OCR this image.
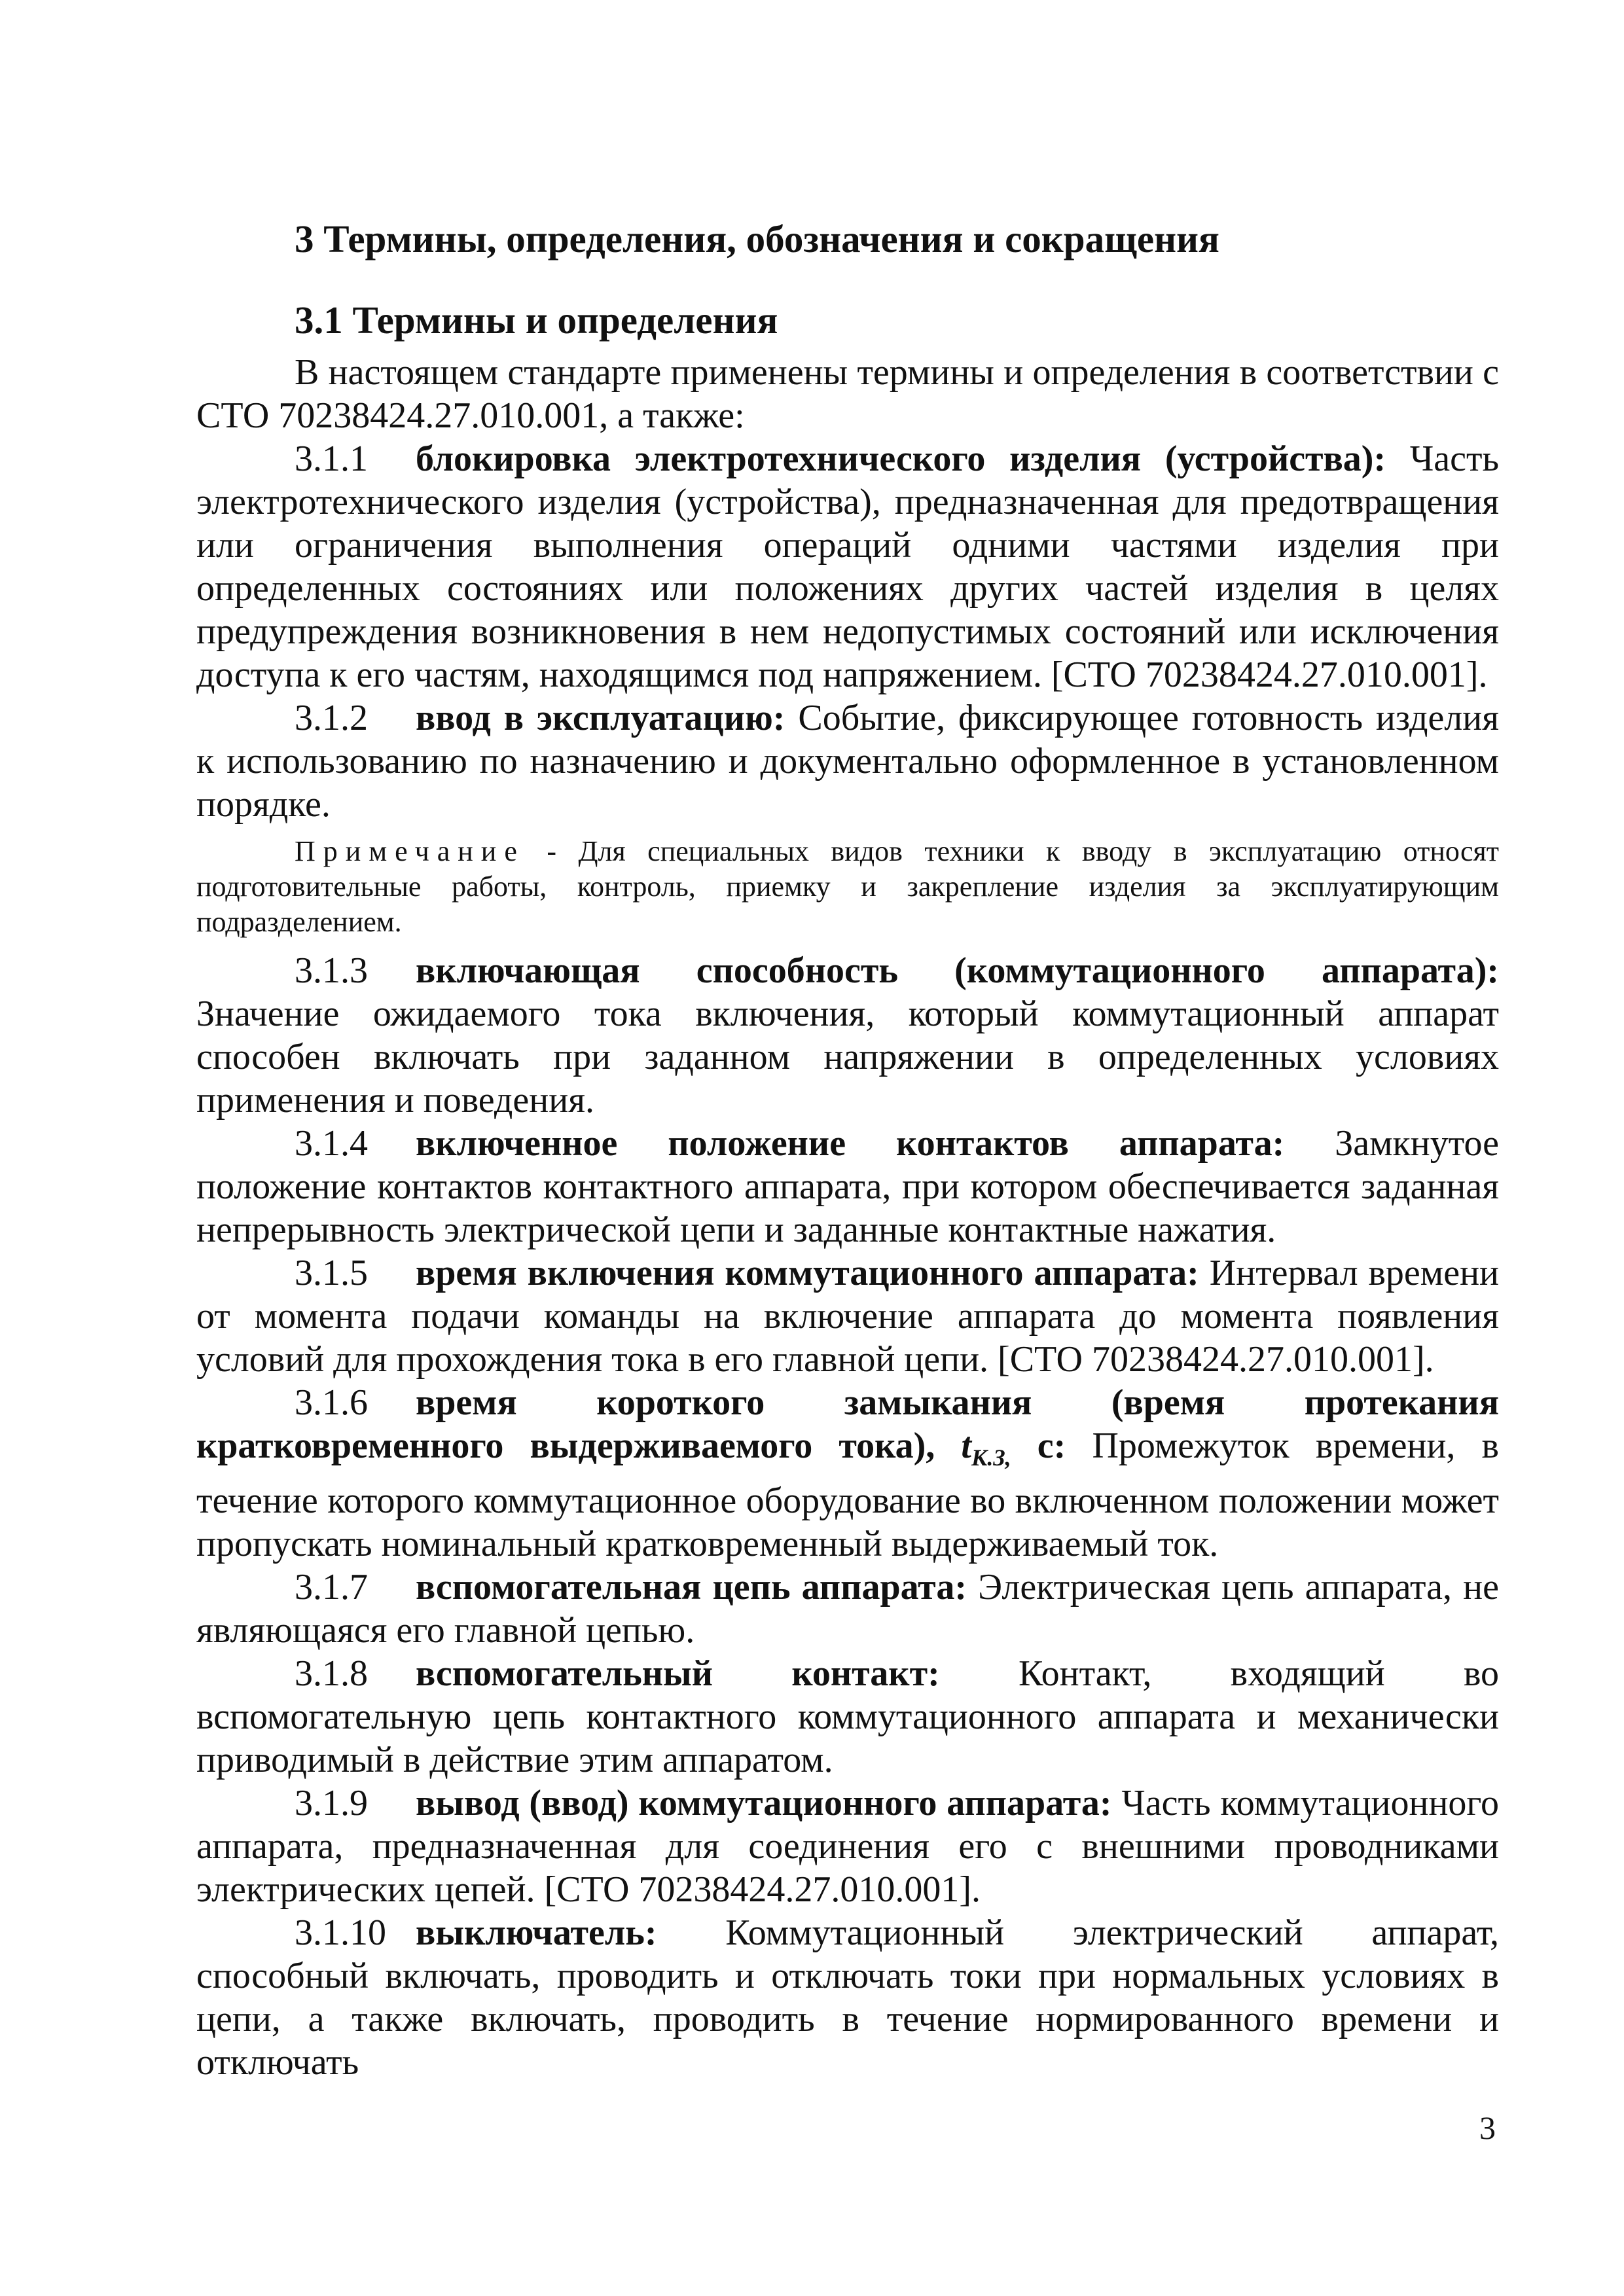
3 Термины, определения, обозначения и сокращения
3.1 Термины и определения

В настоящем стандарте применены термины и определения в соответствии с СТО 70238424.27.010.001, а также:

3.1.1 блокировка электротехнического изделия (устройства): Часть электротехнического изделия (устройства), предназначенная для предотвращения или ограничения выполнения операций одними частями изделия при определенных состояниях или положениях других частей изделия в целях предупреждения возникновения в нем недопустимых состояний или исключения доступа к его частям, находящимся под напряжением. [СТО 70238424.27.010.001].

3.1.2 ввод в эксплуатацию: Событие, фиксирующее готовность изделия к использованию по назначению и документально оформленное в установленном порядке.

Примечание - Для специальных видов техники к вводу в эксплуатацию относят подготовительные работы, контроль, приемку и закрепление изделия за эксплуатирующим подразделением.

3.1.3 включающая способность (коммутационного аппарата): Значение ожидаемого тока включения, который коммутационный аппарат способен включать при заданном напряжении в определенных условиях применения и поведения.

3.1.4 включенное положение контактов аппарата: Замкнутое положение контактов контактного аппарата, при котором обеспечивается заданная непрерывность электрической цепи и заданные контактные нажатия.

3.1.5 время включения коммутационного аппарата: Интервал времени от момента подачи команды на включение аппарата до момента появления условий для прохождения тока в его главной цепи. [СТО 70238424.27.010.001].

3.1.6 время короткого замыкания (время протекания кратковременного выдерживаемого тока), $t_{К.З,}$ с: Промежуток времени, в течение которого коммутационное оборудование во включенном положении может пропускать номинальный кратковременный выдерживаемый ток.

3.1.7 вспомогательная цепь аппарата: Электрическая цепь аппарата, не являющаяся его главной цепью.

3.1.8 вспомогательный контакт: Контакт, входящий во вспомогательную цепь контактного коммутационного аппарата и механически приводимый в действие этим аппаратом.

3.1.9 вывод (ввод) коммутационного аппарата: Часть коммутационного аппарата, предназначенная для соединения его с внешними проводниками электрических цепей. [СТО 70238424.27.010.001].

3.1.10 выключатель: Коммутационный электрический аппарат, способный включать, проводить и отключать токи при нормальных условиях в цепи, а также включать, проводить в течение нормированного времени и отключать

3
